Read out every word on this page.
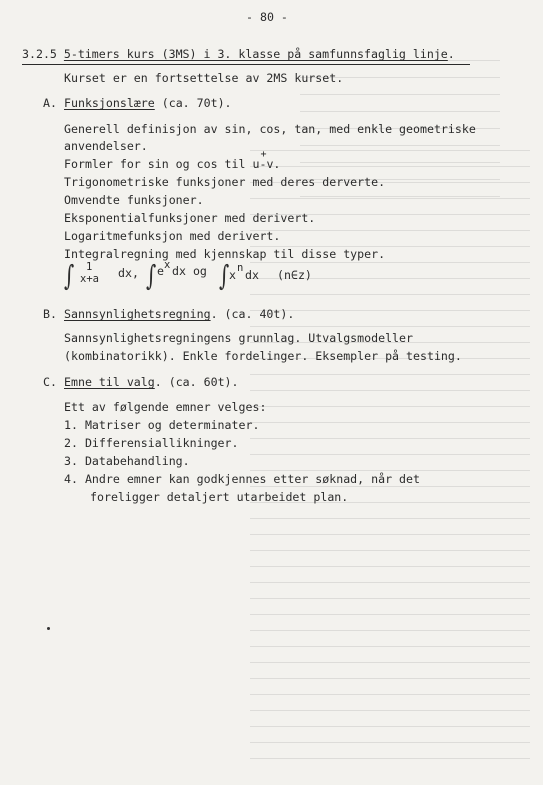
- 80 -
3.2.5 5-timers kurs (3MS) i 3. klasse på samfunnsfaglig linje.
Kurset er en fortsettelse av 2MS kurset.
A. Funksjonslære (ca. 70t).
Generell definisjon av sin, cos, tan, med enkle geometriske
anvendelser.
Formler for sin og cos til u
+
-v.
Trigonometriske funksjoner med deres derverte.
Omvendte funksjoner.
Eksponentialfunksjoner med derivert.
Logaritmefunksjon med derivert.
Integralregning med kjennskap til disse typer.
∫ 1
x+a dx, ∫ e x dx og ∫ x n dx (n∈z)
B. Sannsynlighetsregning. (ca. 40t).
Sannsynlighetsregningens grunnlag. Utvalgsmodeller
(kombinatorikk). Enkle fordelinger. Eksempler på testing.
C. Emne til valg. (ca. 60t).
Ett av følgende emner velges:
1. Matriser og determinater.
2. Differensiallikninger.
3. Databehandling.
4. Andre emner kan godkjennes etter søknad, når det
foreligger detaljert utarbeidet plan.
